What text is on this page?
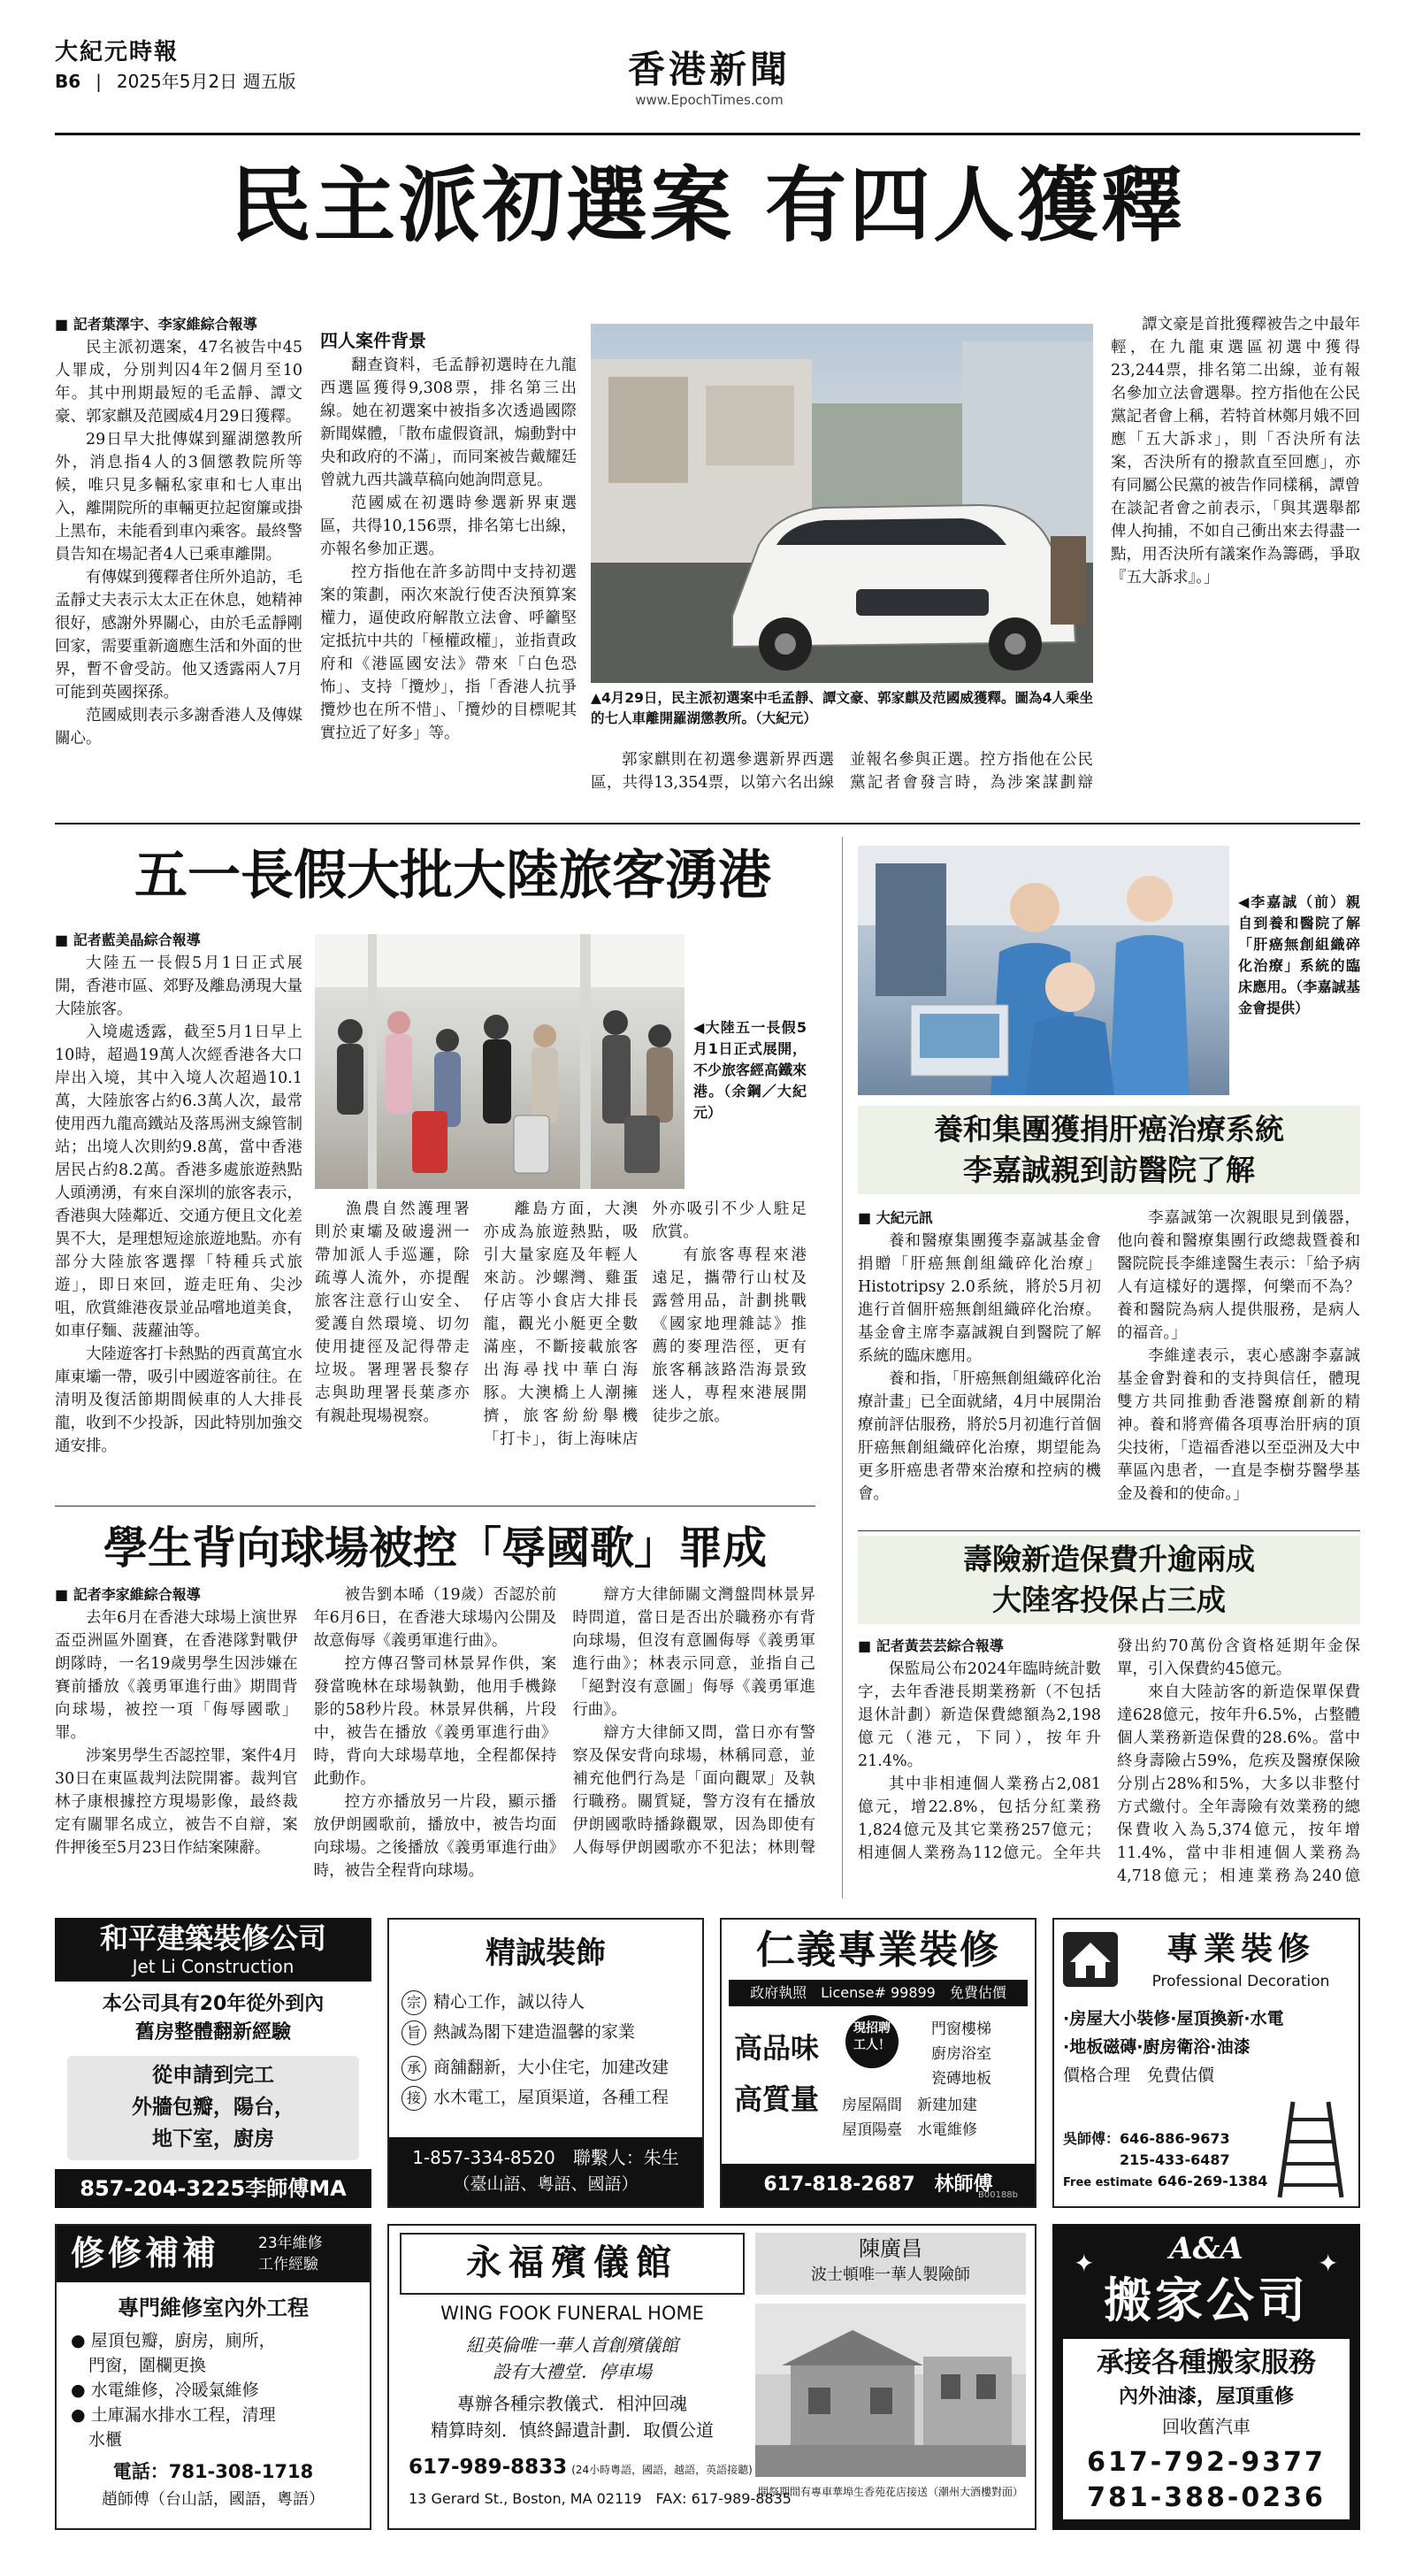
大紀元時報
B6 | 2025年5月2日 週五版	香港新聞
www.EpochTimes.com
民主派初選案 有四人獲釋
■ 記者葉澤宇、李家維綜合報導

民主派初選案，47名被告中45人罪成，分別判囚4年2個月至10年。其中刑期最短的毛孟靜、譚文豪、郭家麒及范國威4月29日獲釋。

29日早大批傳媒到羅湖懲教所外，消息指4人的3個懲教院所等候，唯只見多輛私家車和七人車出入，離開院所的車輛更拉起窗簾或掛上黑布，未能看到車內乘客。最終警員告知在場記者4人已乘車離開。

有傳媒到獲釋者住所外追訪，毛孟靜丈夫表示太太正在休息，她精神很好，感謝外界關心，由於毛孟靜剛回家，需要重新適應生活和外面的世界，暫不會受訪。他又透露兩人7月可能到英國探孫。

范國威則表示多謝香港人及傳媒關心。

四人案件背景

翻查資料，毛孟靜初選時在九龍西選區獲得9,308票，排名第三出線。她在初選案中被指多次透過國際新聞媒體，「散布虛假資訊，煽動對中央和政府的不滿」，而同案被告戴耀廷曾就九西共識草稿向她詢問意見。

范國威在初選時參選新界東選區，共得10,156票，排名第七出線，亦報名參加正選。

控方指他在許多訪問中支持初選案的策劃，兩次來說行使否決預算案權力，逼使政府解散立法會、呼籲堅定抵抗中共的「極權政權」，並指責政府和《港區國安法》帶來「白色恐怖」、支持「攬炒」，指「香港人抗爭攬炒也在所不惜」、「攬炒的目標呢其實拉近了好多」等。

▲4月29日，民主派初選案中毛孟靜、譚文豪、郭家麒及范國威獲釋。圖為4人乘坐的七人車離開羅湖懲教所。（大紀元）

郭家麒則在初選參選新界西選區，共得13,354票，以第六名出線並報名參與正選。控方指他在公民黨記者會發言時，為涉案謀劃辯

譚文豪是首批獲釋被告之中最年輕，在九龍東選區初選中獲得23,244票，排名第二出線，並有報名參加立法會選舉。控方指他在公民黨記者會上稱，若特首林鄭月娥不回應「五大訴求」，則「否決所有法案，否決所有的撥款直至回應」，亦有同屬公民黨的被告作同樣稱，譚曾在談記者會之前表示，「與其選舉都俾人拘捕，不如自己衝出來去得盡一點，用否決所有議案作為籌碼，爭取『五大訴求』。」

五一長假大批大陸旅客湧港
■ 記者藍美晶綜合報導

大陸五一長假5月1日正式展開，香港市區、郊野及離島湧現大量大陸旅客。

入境處透露，截至5月1日早上10時，超過19萬人次經香港各大口岸出入境，其中入境人次超過10.1萬，大陸旅客占約6.3萬人次，最常使用西九龍高鐵站及落馬洲支線管制站；出境人次則約9.8萬，當中香港居民占約8.2萬。香港多處旅遊熱點人頭湧湧，有來自深圳的旅客表示，香港與大陸鄰近、交通方便且文化差異不大，是理想短途旅遊地點。亦有部分大陸旅客選擇「特種兵式旅遊」，即日來回，遊走旺角、尖沙咀，欣賞維港夜景並品嚐地道美食，如車仔麵、菠蘿油等。

大陸遊客打卡熱點的西貢萬宜水庫東壩一帶，吸引中國遊客前往。在清明及復活節期間候車的人大排長龍，收到不少投訴，因此特別加強交通安排。

◀大陸五一長假5月1日正式展開，不少旅客經高鐵來港。（余鋼／大紀元）

漁農自然護理署則於東壩及破邊洲一帶加派人手巡邏，除疏導人流外，亦提醒旅客注意行山安全、愛護自然環境、切勿使用捷徑及記得帶走垃圾。署理署長黎存志與助理署長葉彥亦有親赴現場視察。

離島方面，大澳亦成為旅遊熱點，吸引大量家庭及年輕人來訪。沙螺灣、雞蛋仔店等小食店大排長龍，觀光小艇更全數滿座，不斷接載旅客出海尋找中華白海豚。大澳橋上人潮擁擠，旅客紛紛舉機「打卡」，街上海味店外亦吸引不少人駐足欣賞。

有旅客專程來港遠足，攜帶行山杖及露營用品，計劃挑戰《國家地理雜誌》推薦的麥理浩徑，更有旅客稱該路浩海景致迷人，專程來港展開徒步之旅。

學生背向球場被控「辱國歌」罪成
■ 記者李家維綜合報導

去年6月在香港大球場上演世界盃亞洲區外圍賽，在香港隊對戰伊朗隊時，一名19歲男學生因涉嫌在賽前播放《義勇軍進行曲》期間背向球場，被控一項「侮辱國歌」罪。

涉案男學生否認控罪，案件4月30日在東區裁判法院開審。裁判官林子康根據控方現場影像，最終裁定有關罪名成立，被告不自辯，案件押後至5月23日作結案陳辭。

被告劉本晞（19歲）否認於前年6月6日，在香港大球場內公開及故意侮辱《義勇軍進行曲》。

控方傳召警司林景昇作供，案發當晚林在球場執勤，他用手機錄影的58秒片段。林景昇供稱，片段中，被告在播放《義勇軍進行曲》時，背向大球場草地，全程都保持此動作。

控方亦播放另一片段，顯示播放伊朗國歌前，播放中，被告均面向球場。之後播放《義勇軍進行曲》時，被告全程背向球場。

辯方大律師關文灣盤問林景昇時問道，當日是否出於職務亦有背向球場，但沒有意圖侮辱《義勇軍進行曲》；林表示同意，並指自己「絕對沒有意圖」侮辱《義勇軍進行曲》。

辯方大律師又問，當日亦有警察及保安背向球場，林稱同意，並補充他們行為是「面向觀眾」及執行職務。關質疑，警方沒有在播放伊朗國歌時播錄觀眾，因為即使有人侮辱伊朗國歌亦不犯法；林則聲

◀李嘉誠（前）親自到養和醫院了解「肝癌無創組織碎化治療」系統的臨床應用。（李嘉誠基金會提供）
養和集團獲捐肝癌治療系統
李嘉誠親到訪醫院了解
■ 大紀元訊

養和醫療集團獲李嘉誠基金會捐贈「肝癌無創組織碎化治療」Histotripsy 2.0系統，將於5月初進行首個肝癌無創組織碎化治療。基金會主席李嘉誠親自到醫院了解系統的臨床應用。

養和指，「肝癌無創組織碎化治療計畫」已全面就緒，4月中展開治療前評估服務，將於5月初進行首個肝癌無創組織碎化治療，期望能為更多肝癌患者帶來治療和控病的機會。

李嘉誠第一次親眼見到儀器，他向養和醫療集團行政總裁暨養和醫院院長李維達醫生表示：「給予病人有這樣好的選擇，何樂而不為？養和醫院為病人提供服務，是病人的福音。」

李維達表示，衷心感謝李嘉誠基金會對養和的支持與信任，體現雙方共同推動香港醫療創新的精神。養和將齊備各項專治肝病的頂尖技術，「造福香港以至亞洲及大中華區內患者，一直是李樹芬醫學基金及養和的使命。」

壽險新造保費升逾兩成
大陸客投保占三成
■ 記者黃芸芸綜合報導

保監局公布2024年臨時統計數字，去年香港長期業務新（不包括退休計劃）新造保費總額為2,198億元（港元，下同），按年升21.4%。

其中非相連個人業務占2,081億元，增22.8%，包括分紅業務1,824億元及其它業務257億元；相連個人業務為112億元。全年共發出約70萬份含資格延期年金保單，引入保費約45億元。

來自大陸訪客的新造保單保費達628億元，按年升6.5%，占整體個人業務新造保費的28.6%。當中終身壽險占59%，危疾及醫療保險分別占28%和5%，大多以非整付方式繳付。全年壽險有效業務的總保費收入為5,374億元，按年增11.4%，當中非相連個人業務為4,718億元；相連業務為240億

和平建築裝修公司
Jet Li Construction
本公司具有20年從外到內
舊房整體翻新經驗
從申請到完工
外牆包瓣，陽台，
地下室，廚房
857-204-3225李師傅MA
精誠裝飾
宗 精心工作，誠以待人
旨 熱誠為閣下建造溫馨的家業
承 商舖翻新，大小住宅，加建改建
接 水木電工，屋頂渠道，各種工程
1-857-334-8520　 聯繫人：朱生
（臺山語、粵語、國語）
仁義專業裝修
政府執照　License# 99899　免費估價
高品味
高質量
現招聘工人！
門窗樓梯
廚房浴室
瓷磚地板
房屋隔間　 新建加建
屋頂陽臺　 水電維修
617-818-2687　 林師傅
B00188b
專業裝修
Professional Decoration
·房屋大小裝修·屋頂換新·水電
·地板磁磚·廚房衛浴·油漆
價格合理　免費估價
吳師傅：646-886-9673
215-433-6487
Free estimate 646-269-1384
修修補補	23年維修
工作經驗
專門維修室內外工程
● 屋頂包瓣，廚房，廁所，
門窗，圍欄更換
● 水電維修，冷暖氣維修
● 土庫漏水排水工程，清理
水櫃
電話：781-308-1718
趙師傅（台山話，國語，粵語）
永福殯儀館
WING FOOK FUNERAL HOME
紐英倫唯一華人首創殯儀館
設有大禮堂．停車場
專辦各種宗教儀式．相沖回魂
精算時刻．慎終歸遺計劃．取價公道
617-989-8833 (24小時粵語，國語，越語，英語接聽)
13 Gerard St., Boston, MA 02119　FAX: 617-989-8835
陳廣昌
波士頓唯一華人製險師
開祭期間有專車華埠生香苑花店接送（潮州大酒樓對面）
A&A
✦	✦
搬家公司
承接各種搬家服務
內外油漆，屋頂重修
回收舊汽車
617-792-9377
781-388-0236
